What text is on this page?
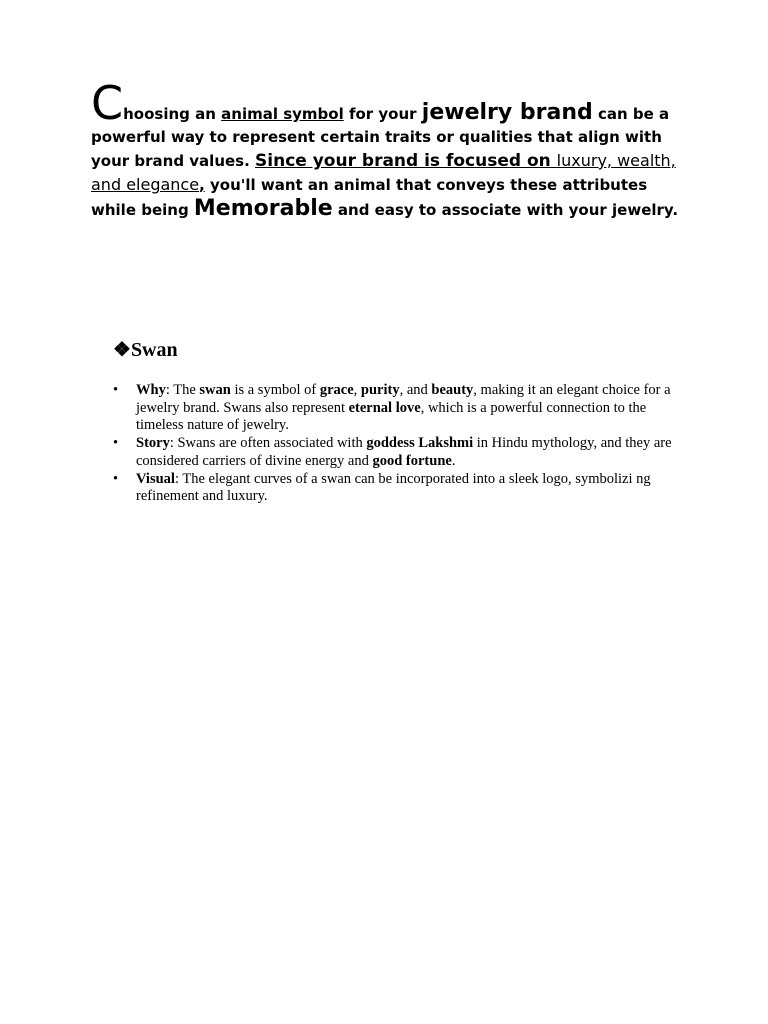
Choosing an animal symbol for your jewelry brand can be a powerful way to represent certain traits or qualities that align with your brand values. Since your brand is focused on luxury, wealth, and elegance, you'll want an animal that conveys these attributes while being Memorable and easy to associate with your jewelry.

❖Swan
• Why: The swan is a symbol of grace, purity, and beauty, making it an elegant choice for a jewelry brand. Swans also represent eternal love, which is a powerful connection to the timeless nature of jewelry.
• Story: Swans are often associated with goddess Lakshmi in Hindu mythology, and they are considered carriers of divine energy and good fortune.
• Visual: The elegant curves of a swan can be incorporated into a sleek logo, symbolizi ng refinement and luxury.
